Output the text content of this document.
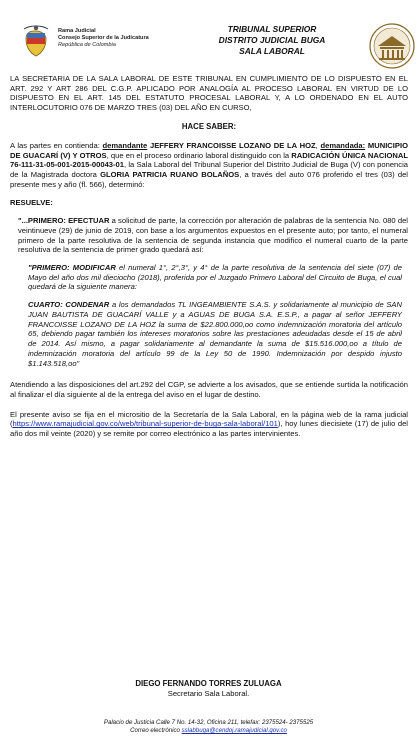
Rama Judicial
Consejo Superior de la Judicatura
República de Colombia
TRIBUNAL SUPERIOR
DISTRITO JUDICIAL BUGA
SALA LABORAL

LA SECRETARIA DE LA SALA LABORAL DE ESTE TRIBUNAL EN CUMPLIMIENTO DE LO DISPUESTO EN EL ART. 292 Y ART 286 DEL C.G.P. APLICADO POR ANALOGÍA AL PROCESO LABORAL EN VIRTUD DE LO DISPUESTO EN EL ART. 145 DEL ESTATUTO PROCESAL LABORAL Y, A LO ORDENADO EN EL AUTO INTERLOCUTORIO 076 DE MARZO TRES (03) DEL AÑO EN CURSO,

HACE SABER:

A las partes en contienda: demandante JEFFERY FRANCOISSE LOZANO DE LA HOZ, demandada: MUNICIPIO DE GUACARÍ (V) Y OTROS, que en el proceso ordinario laboral distinguido con la RADICACIÓN ÚNICA NACIONAL 76-111-31-05-001-2015-00043-01, la Sala Laboral del Tribunal Superior del Distrito Judicial de Buga (V) con ponencia de la Magistrada doctora GLORIA PATRICIA RUANO BOLAÑOS, a través del auto 076 proferido el tres (03) del presente mes y año (fl. 566), determinó:

RESUELVE:

"...PRIMERO: EFECTUAR a solicitud de parte, la corrección por alteración de palabras de la sentencia No. 080 del veintinueve (29) de junio de 2019, con base a los argumentos expuestos en el presente auto; por tanto, el numeral primero de la parte resolutiva de la sentencia de segunda instancia que modifico el numeral cuarto de la parte resolutiva de la sentencia de primer grado quedará así:

"PRIMERO: MODIFICAR el numeral 1°, 2°,3°, y 4° de la parte resolutiva de la sentencia del siete (07) de Mayo del año dos mil dieciocho (2018), proferida por el Juzgado Primero Laboral del Circuito de Buga, el cual quedará de la siguiente manera:

CUARTO: CONDENAR a los demandados TL INGEAMBIENTE S.A.S. y solidariamente al municipio de SAN JUAN BAUTISTA DE GUACARÍ VALLE y a AGUAS DE BUGA S.A. E.S.P., a pagar al señor JEFFERY FRANCOISSE LOZANO DE LA HOZ la suma de $22.800.000,oo como indemnización moratoria del artículo 65, debiendo pagar también los intereses moratorios sobre las prestaciones adeudadas desde el 15 de abril de 2014. Así mismo, a pagar solidariamente al demandante la suma de $15.516.000,oo a título de indemnización moratoria del artículo 99 de la Ley 50 de 1990. Indemnización por despido injusto $1.143.518,oo"

Atendiendo a las disposiciones del art.292 del CGP, se advierte a los avisados, que se entiende surtida la notificación al finalizar el día siguiente al de la entrega del aviso en el lugar de destino.

El presente aviso se fija en el micrositio de la Secretaría de la Sala Laboral, en la página web de la rama judicial (https://www.ramajudicial.gov.co/web/tribunal-superior-de-buga-sala-laboral/101), hoy lunes diecisiete (17) de julio del año dos mil veinte (2020) y se remite por correo electrónico a las partes intervinientes.

DIEGO FERNANDO TORRES ZULUAGA
Secretario Sala Laboral.
Palacio de Justicia Calle 7 No. 14-32, Oficina 211, telefax: 2375524- 2375525
Correo electrónico sslabbuga@cendoj.ramajudicial.gov.co
